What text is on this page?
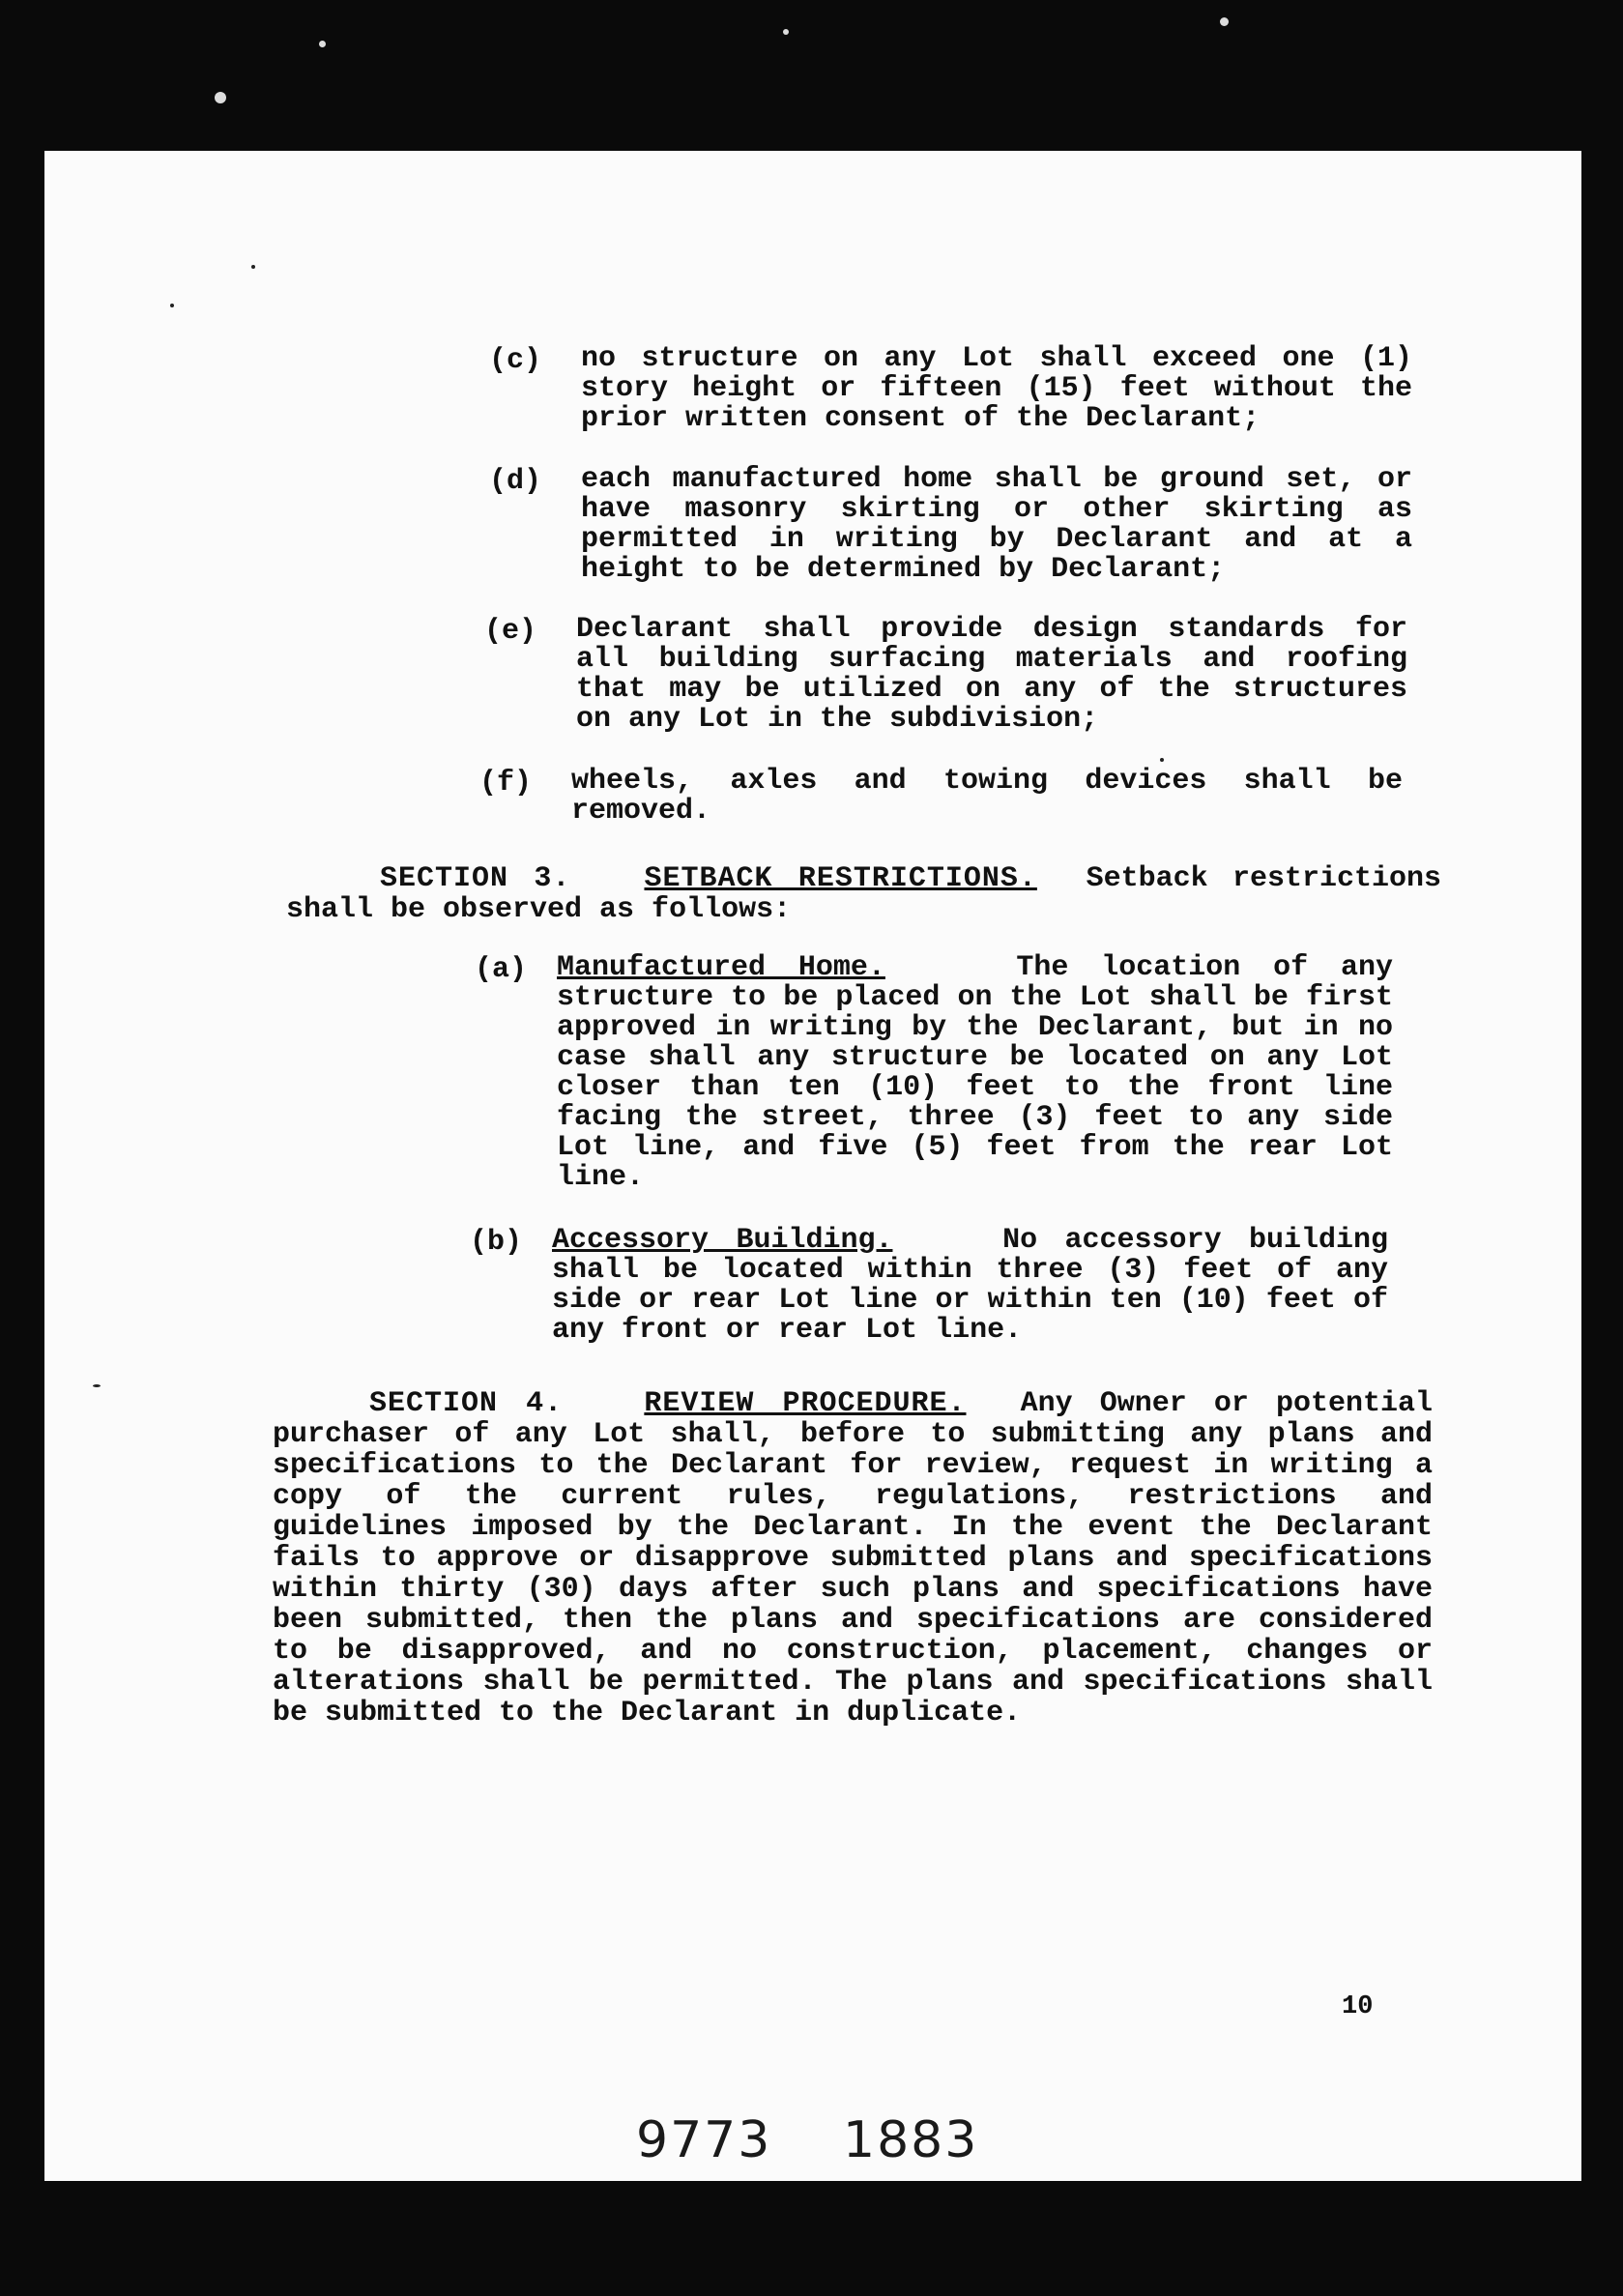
(c) no structure on any Lot shall exceed one (1) story height or fifteen (15) feet without the prior written consent of the Declarant;
(d) each manufactured home shall be ground set, or have masonry skirting or other skirting as permitted in writing by Declarant and at a height to be determined by Declarant;
(e) Declarant shall provide design standards for all building surfacing materials and roofing that may be utilized on any of the structures on any Lot in the subdivision;
(f) wheels, axles and towing devices shall be removed.
SECTION 3.	SETBACK RESTRICTIONS. Setback restrictions shall be observed as follows:
(a) Manufactured Home.	The location of any structure to be placed on the Lot shall be first approved in writing by the Declarant, but in no case shall any structure be located on any Lot closer than ten (10) feet to the front line facing the street, three (3) feet to any side Lot line, and five (5) feet from the rear Lot line.
(b) Accessory Building.	No accessory building shall be located within three (3) feet of any side or rear Lot line or within ten (10) feet of any front or rear Lot line.
SECTION 4.	REVIEW PROCEDURE. Any Owner or potential purchaser of any Lot shall, before to submitting any plans and specifications to the Declarant for review, request in writing a copy of the current rules, regulations, restrictions and guidelines imposed by the Declarant. In the event the Declarant fails to approve or disapprove submitted plans and specifications within thirty (30) days after such plans and specifications have been submitted, then the plans and specifications are considered to be disapproved, and no construction, placement, changes or alterations shall be permitted. The plans and specifications shall be submitted to the Declarant in duplicate.
10
9773 1883
